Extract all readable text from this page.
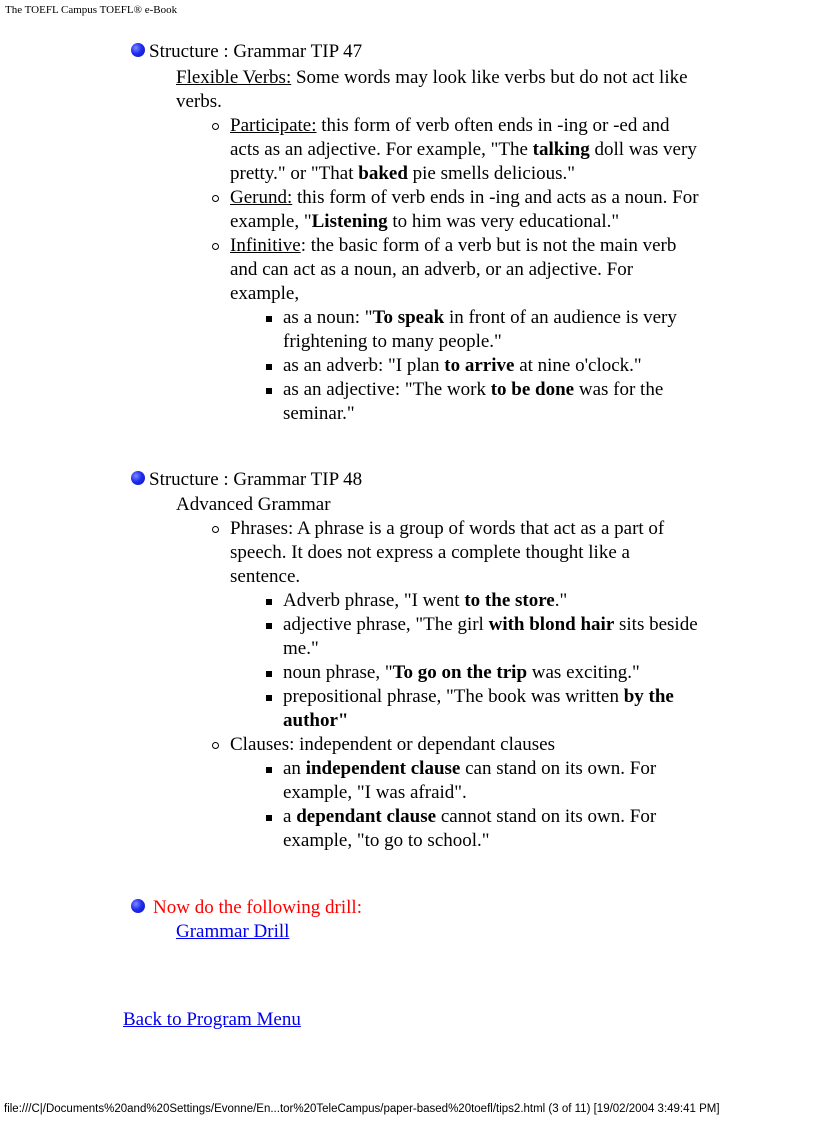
The TOEFL Campus TOEFL® e-Book
Structure : Grammar TIP 47
Flexible Verbs: Some words may look like verbs but do not act like
verbs.
Participate: this form of verb often ends in -ing or -ed and
acts as an adjective. For example, "The talking doll was very
pretty." or "That baked pie smells delicious."
Gerund: this form of verb ends in -ing and acts as a noun. For
example, "Listening to him was very educational."
Infinitive: the basic form of a verb but is not the main verb
and can act as a noun, an adverb, or an adjective. For
example,
as a noun: "To speak in front of an audience is very
frightening to many people."
as an adverb: "I plan to arrive at nine o'clock."
as an adjective: "The work to be done was for the
seminar."
Structure : Grammar TIP 48
Advanced Grammar
Phrases: A phrase is a group of words that act as a part of
speech. It does not express a complete thought like a
sentence.
Adverb phrase, "I went to the store."
adjective phrase, "The girl with blond hair sits beside
me."
noun phrase, "To go on the trip was exciting."
prepositional phrase, "The book was written by the
author"
Clauses: independent or dependant clauses
an independent clause can stand on its own. For
example, "I was afraid".
a dependant clause cannot stand on its own. For
example, "to go to school."
Now do the following drill:
Grammar Drill
Back to Program Menu
file:///C|/Documents%20and%20Settings/Evonne/En...tor%20TeleCampus/paper-based%20toefl/tips2.html (3 of 11) [19/02/2004 3:49:41 PM]
